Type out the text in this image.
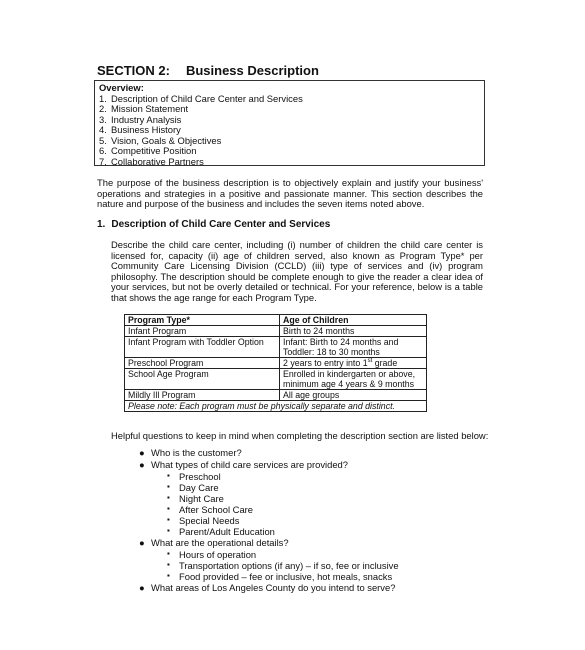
SECTION 2: Business Description
Overview:
1. Description of Child Care Center and Services
2. Mission Statement
3. Industry Analysis
4. Business History
5. Vision, Goals & Objectives
6. Competitive Position
7. Collaborative Partners
The purpose of the business description is to objectively explain and justify your business' operations and strategies in a positive and passionate manner. This section describes the nature and purpose of the business and includes the seven items noted above.
1. Description of Child Care Center and Services
Describe the child care center, including (i) number of children the child care center is licensed for, capacity (ii) age of children served, also known as Program Type* per Community Care Licensing Division (CCLD) (iii) type of services and (iv) program philosophy. The description should be complete enough to give the reader a clear idea of your services, but not be overly detailed or technical. For your reference, below is a table that shows the age range for each Program Type.
Program Type*	Age of Children
Infant Program	Birth to 24 months
Infant Program with Toddler Option	Infant: Birth to 24 months and Toddler: 18 to 30 months
Preschool Program	2 years to entry into 1st grade
School Age Program	Enrolled in kindergarten or above, minimum age 4 years & 9 months
Mildly Ill Program	All age groups
Please note: Each program must be physically separate and distinct.	
Helpful questions to keep in mind when completing the description section are listed below:
● Who is the customer?
● What types of child care services are provided?
▪ Preschool
▪ Day Care
▪ Night Care
▪ After School Care
▪ Special Needs
▪ Parent/Adult Education
● What are the operational details?
▪ Hours of operation
▪ Transportation options (if any) – if so, fee or inclusive
▪ Food provided – fee or inclusive, hot meals, snacks
● What areas of Los Angeles County do you intend to serve?
